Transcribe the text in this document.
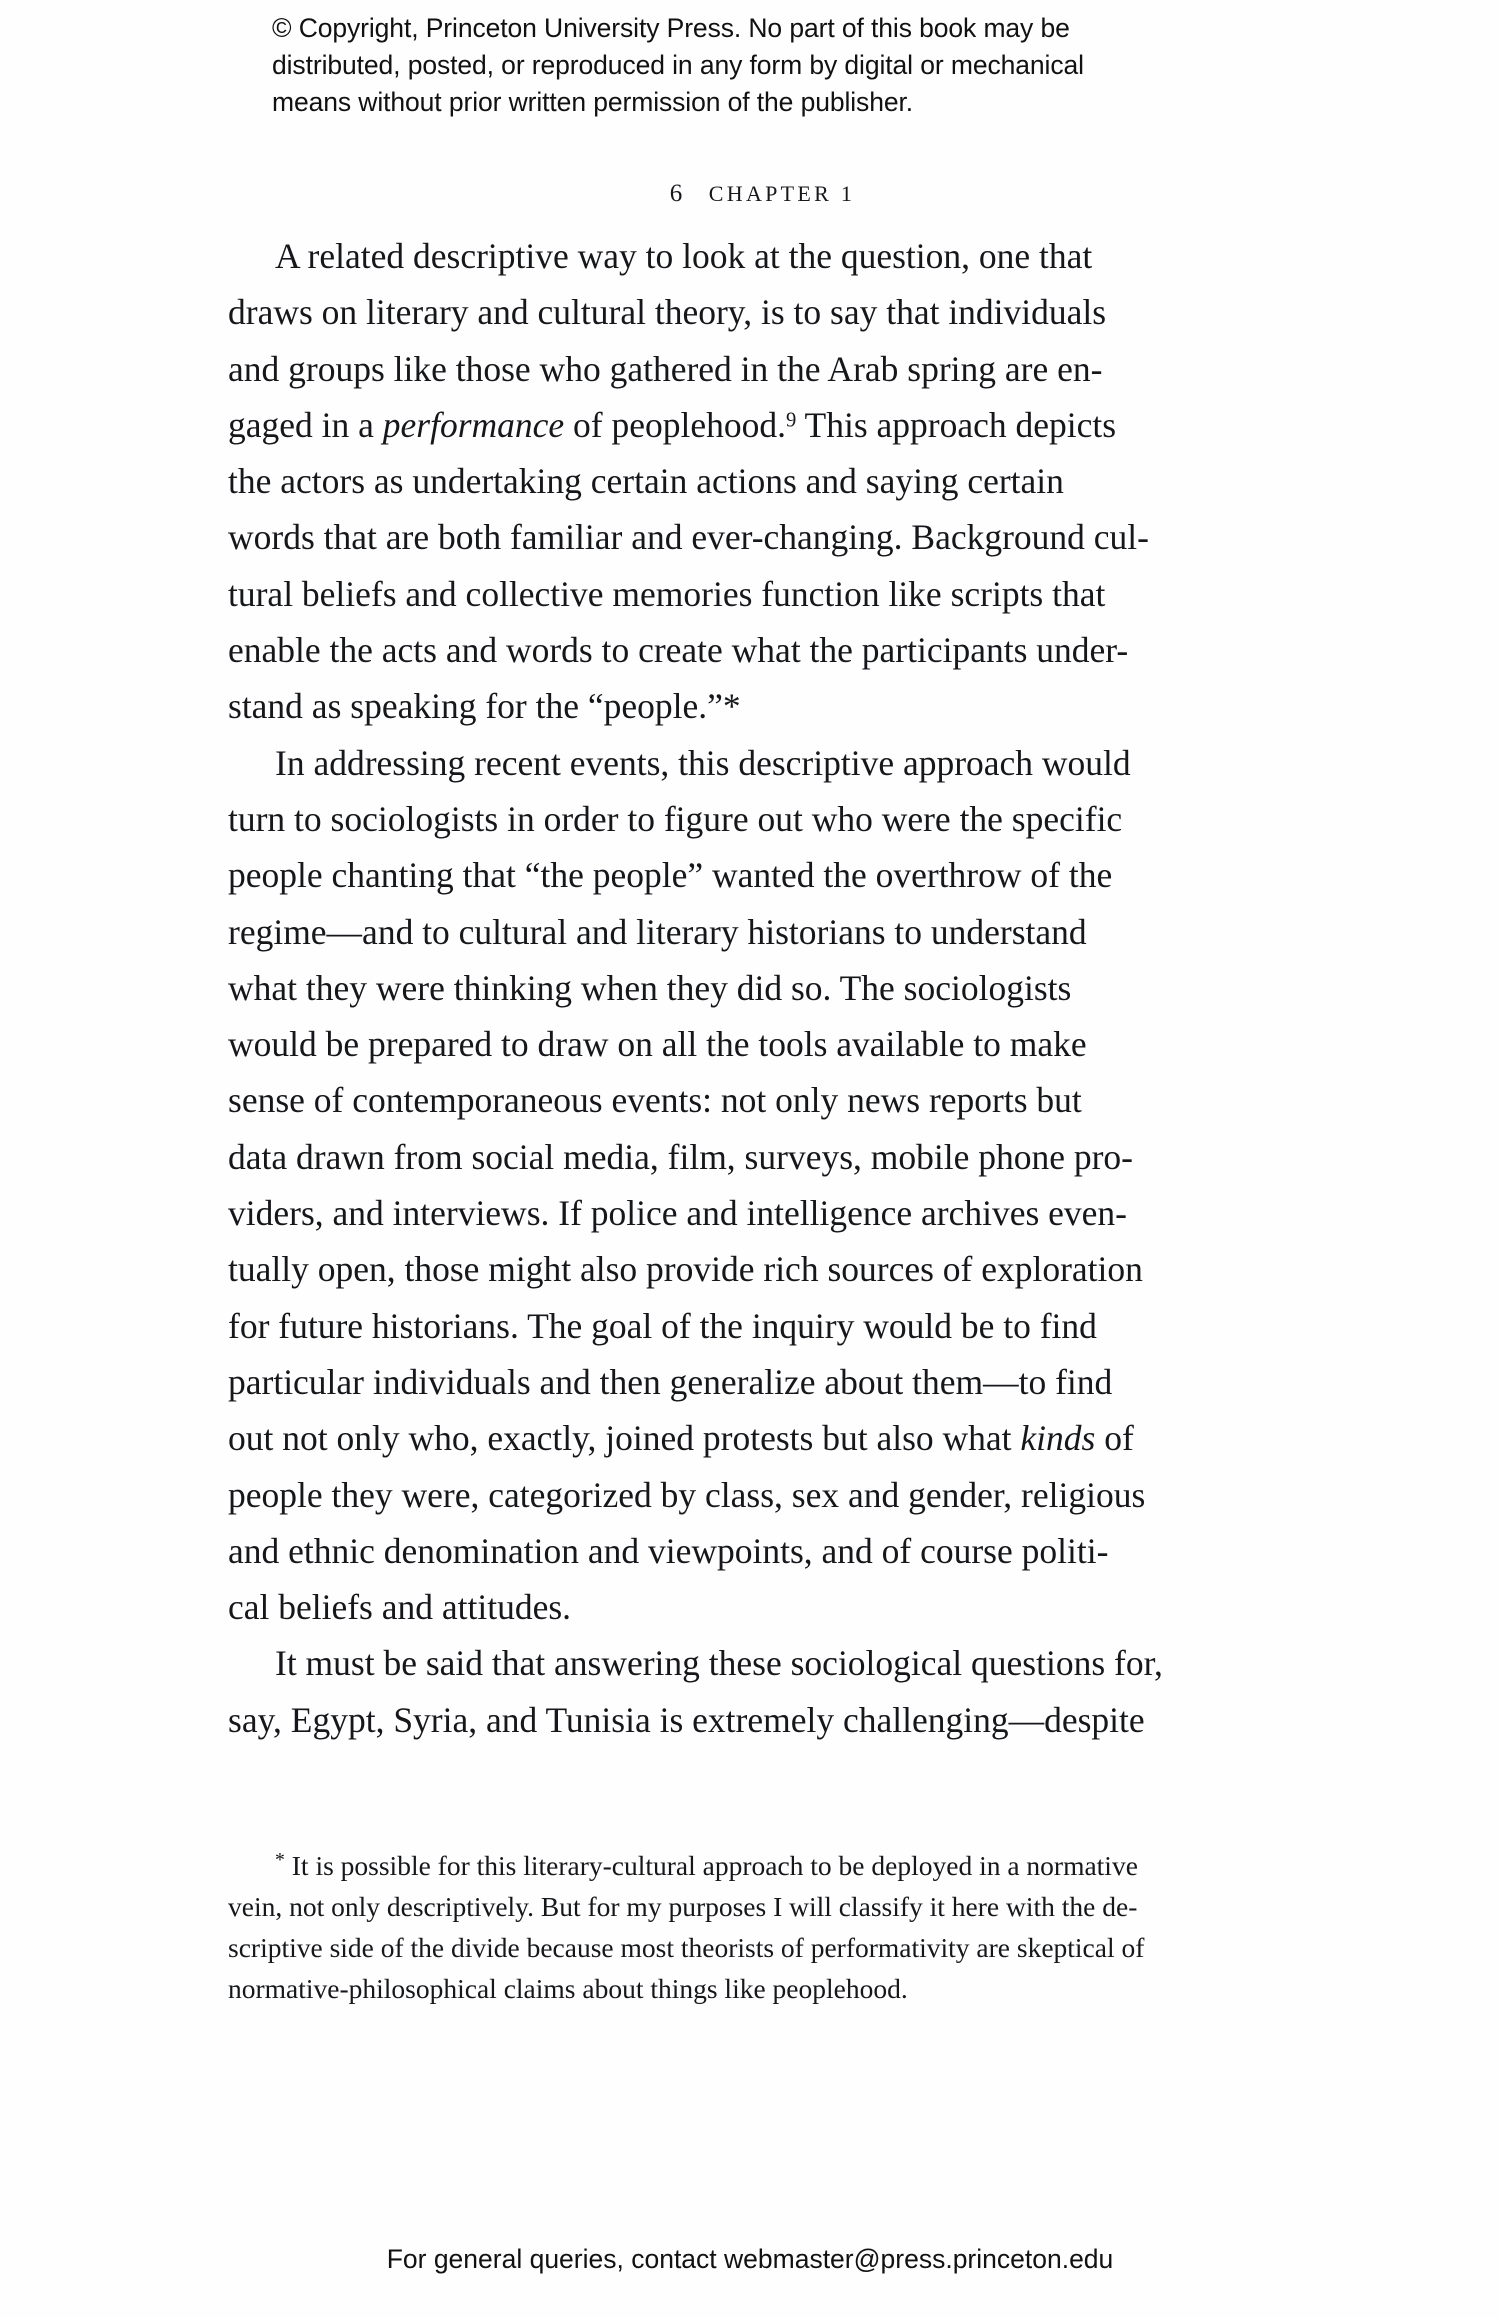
© Copyright, Princeton University Press. No part of this book may be
distributed, posted, or reproduced in any form by digital or mechanical
means without prior written permission of the publisher.

6 CHAPTER 1

A related descriptive way to look at the question, one that
draws on literary and cultural theory, is to say that individuals
and groups like those who gathered in the Arab spring are en-
gaged in a performance of peoplehood.$^9$ This approach depicts
the actors as undertaking certain actions and saying certain
words that are both familiar and ever-changing. Background cul-
tural beliefs and collective memories function like scripts that
enable the acts and words to create what the participants under-
stand as speaking for the “people.”*

In addressing recent events, this descriptive approach would
turn to sociologists in order to figure out who were the specific
people chanting that “the people” wanted the overthrow of the
regime—and to cultural and literary historians to understand
what they were thinking when they did so. The sociologists
would be prepared to draw on all the tools available to make
sense of contemporaneous events: not only news reports but
data drawn from social media, film, surveys, mobile phone pro-
viders, and interviews. If police and intelligence archives even-
tually open, those might also provide rich sources of exploration
for future historians. The goal of the inquiry would be to find
particular individuals and then generalize about them—to find
out not only who, exactly, joined protests but also what kinds of
people they were, categorized by class, sex and gender, religious
and ethnic denomination and viewpoints, and of course politi-
cal beliefs and attitudes.

It must be said that answering these sociological questions for,
say, Egypt, Syria, and Tunisia is extremely challenging—despite

* It is possible for this literary-cultural approach to be deployed in a normative
vein, not only descriptively. But for my purposes I will classify it here with the de-
scriptive side of the divide because most theorists of performativity are skeptical of
normative-philosophical claims about things like peoplehood.
For general queries, contact webmaster@press.princeton.edu
